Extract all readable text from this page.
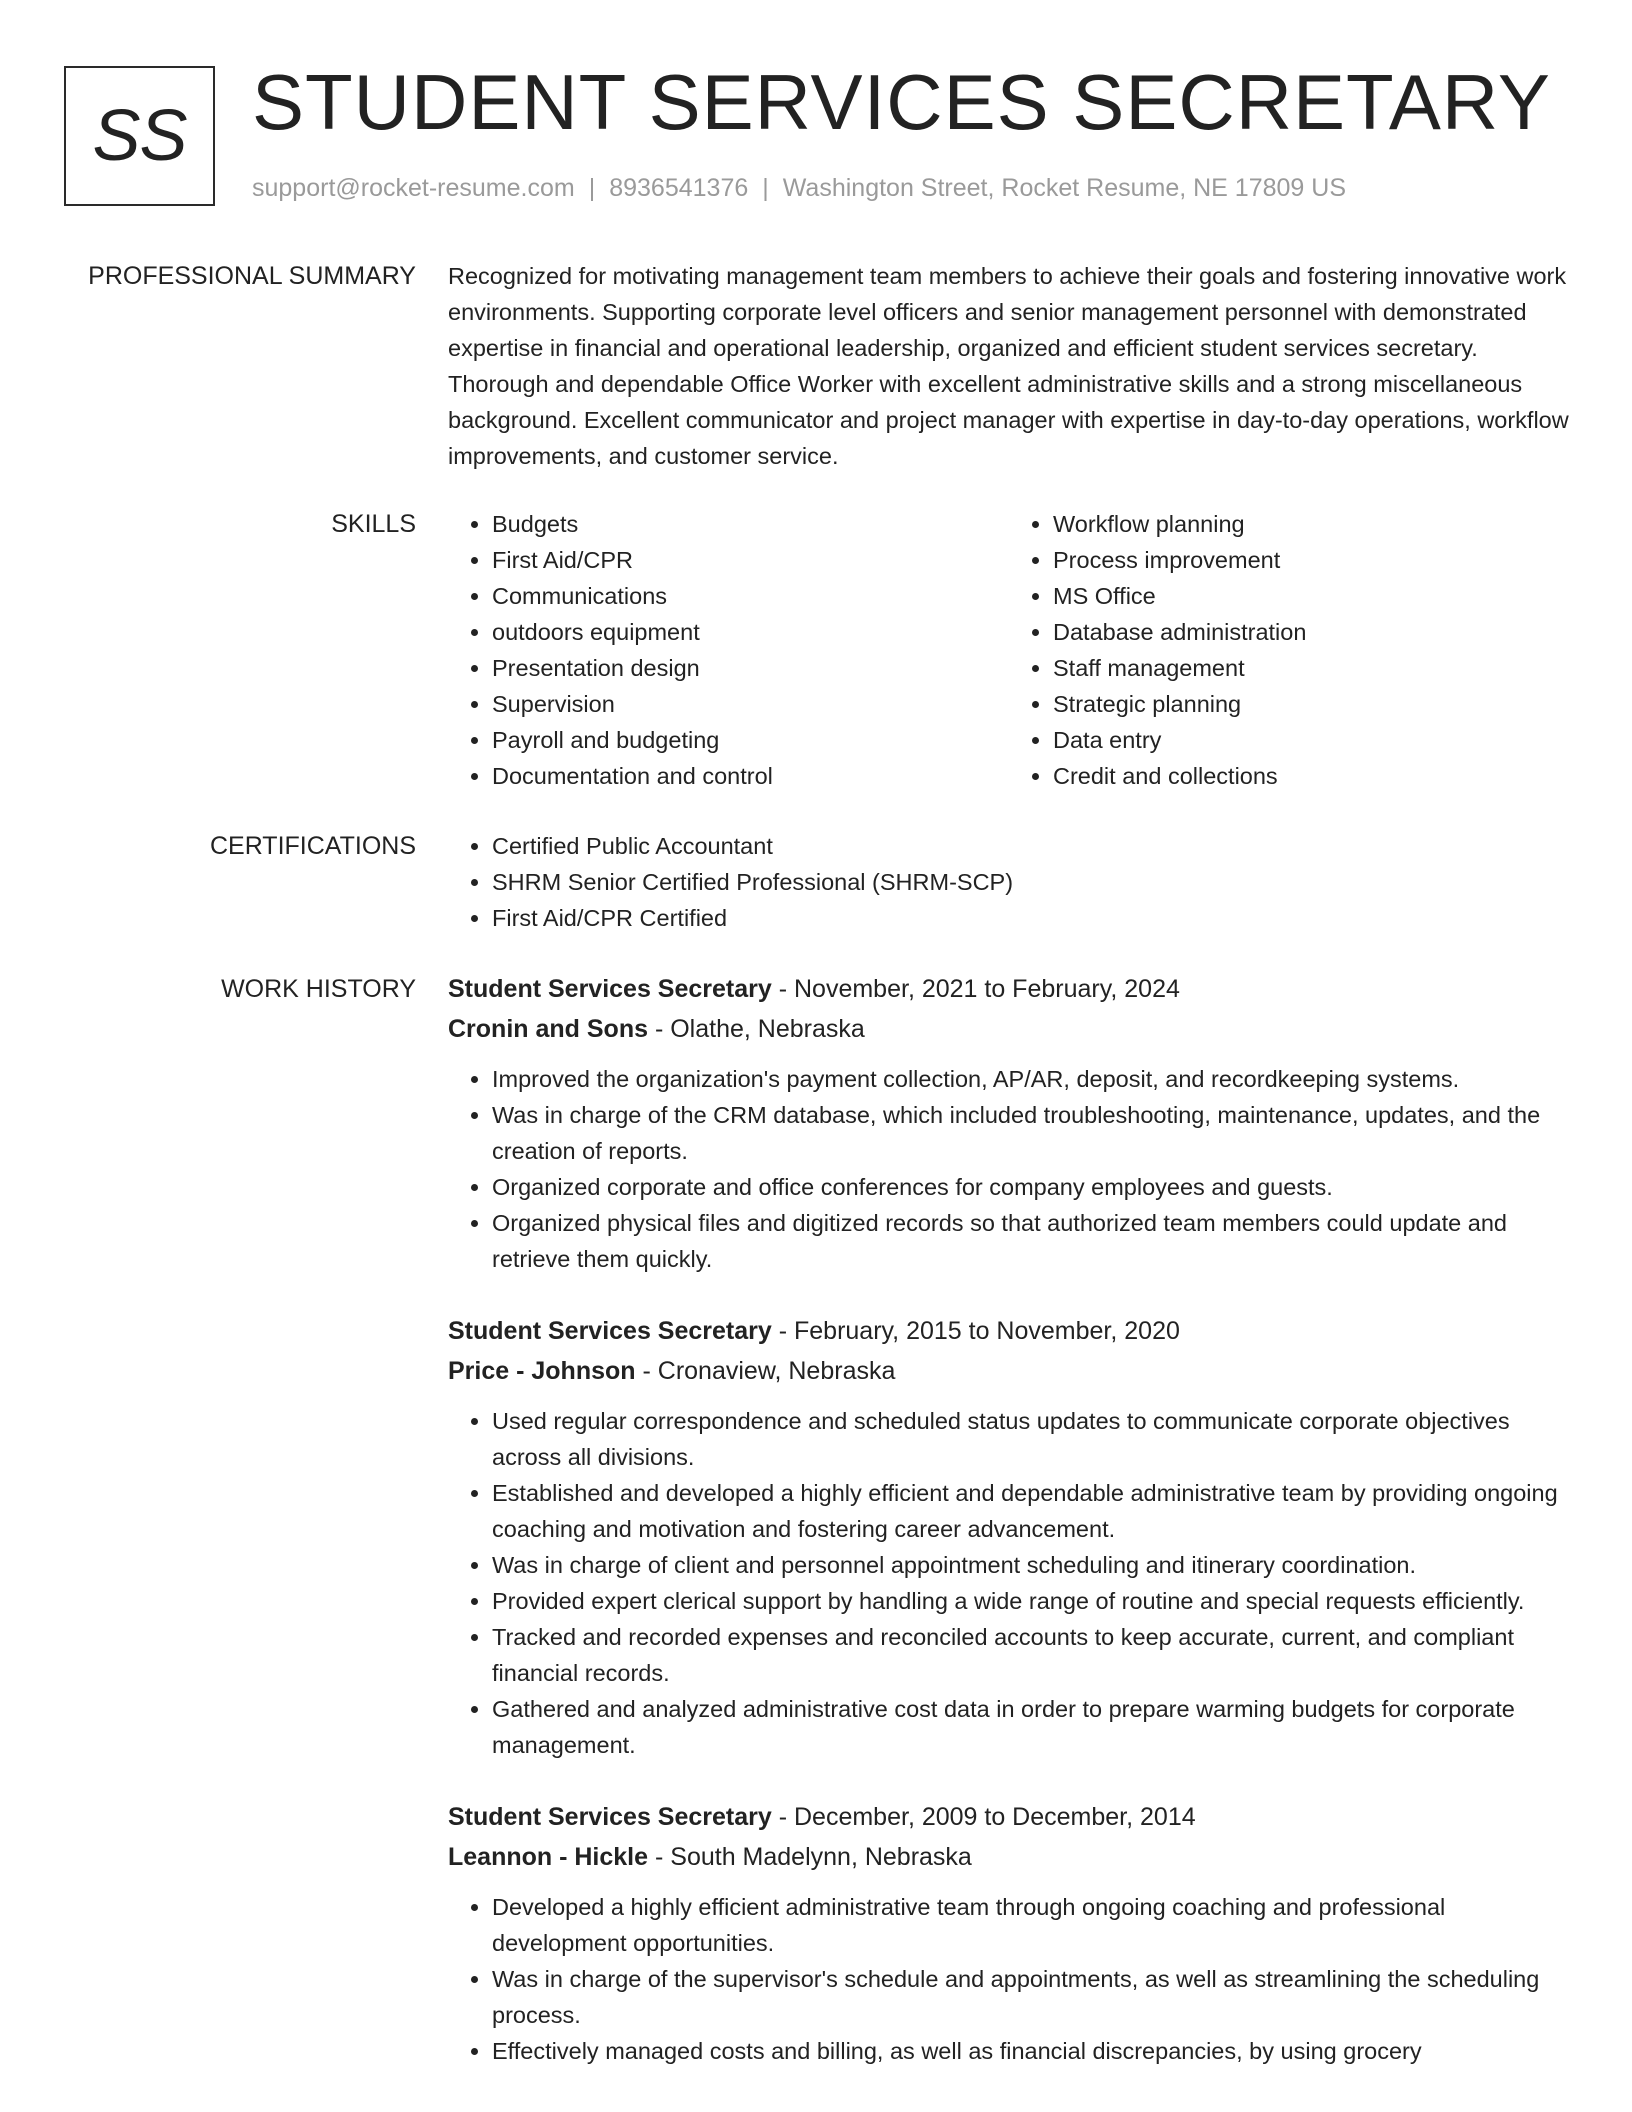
SS STUDENT SERVICES SECRETARY
support@rocket-resume.com | 8936541376 | Washington Street, Rocket Resume, NE 17809 US
PROFESSIONAL SUMMARY Recognized for motivating management team members to achieve their goals and fostering innovative work environments. Supporting corporate level officers and senior management personnel with demonstrated expertise in financial and operational leadership, organized and efficient student services secretary. Thorough and dependable Office Worker with excellent administrative skills and a strong miscellaneous background. Excellent communicator and project manager with expertise in day-to-day operations, workflow improvements, and customer service.

SKILLS	• Budgets
• First Aid/CPR
• Communications
• outdoors equipment
• Presentation design
• Supervision
• Payroll and budgeting
• Documentation and control
• Workflow planning
• Process improvement
• MS Office
• Database administration
• Staff management
• Strategic planning
• Data entry
• Credit and collections
CERTIFICATIONS	• Certified Public Accountant
• SHRM Senior Certified Professional (SHRM-SCP)
• First Aid/CPR Certified
WORK HISTORY Student Services Secretary - November, 2021 to February, 2024
Cronin and Sons - Olathe, Nebraska
• Improved the organization's payment collection, AP/AR, deposit, and recordkeeping systems.
• Was in charge of the CRM database, which included troubleshooting, maintenance, updates, and the creation of reports.
• Organized corporate and office conferences for company employees and guests.
• Organized physical files and digitized records so that authorized team members could update and retrieve them quickly.
Student Services Secretary - February, 2015 to November, 2020
Price - Johnson - Cronaview, Nebraska
• Used regular correspondence and scheduled status updates to communicate corporate objectives across all divisions.
• Established and developed a highly efficient and dependable administrative team by providing ongoing coaching and motivation and fostering career advancement.
• Was in charge of client and personnel appointment scheduling and itinerary coordination.
• Provided expert clerical support by handling a wide range of routine and special requests efficiently.
• Tracked and recorded expenses and reconciled accounts to keep accurate, current, and compliant financial records.
• Gathered and analyzed administrative cost data in order to prepare warming budgets for corporate management.
Student Services Secretary - December, 2009 to December, 2014
Leannon - Hickle - South Madelynn, Nebraska
• Developed a highly efficient administrative team through ongoing coaching and professional development opportunities.
• Was in charge of the supervisor's schedule and appointments, as well as streamlining the scheduling process.
• Effectively managed costs and billing, as well as financial discrepancies, by using grocery
